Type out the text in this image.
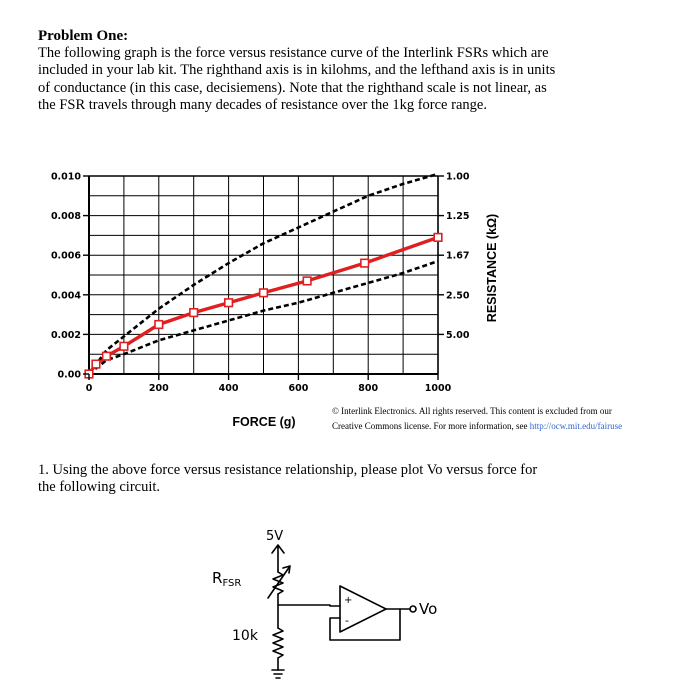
Problem One:
The following graph is the force versus resistance curve of the Interlink FSRs which are
included in your lab kit. The righthand axis is in kilohms, and the lefthand axis is in units
of conductance (in this case, decisiemens). Note that the righthand scale is not linear, as
the FSR travels through many decades of resistance over the 1kg force range.
0.00
0.002
0.004
0.006
0.008
0.010
5.00
2.50
1.67
1.25
1.00
0	200	400	600	800	1000
FORCE (g)
RESISTANCE (kΩ)
© Interlink Electronics. All rights reserved. This content is excluded from our
Creative Commons license. For more information, see http://ocw.mit.edu/fairuse
1. Using the above force versus resistance relationship, please plot Vo versus force for
the following circuit.
5V
$R_{FSR}$
10k
+
-
Vo
